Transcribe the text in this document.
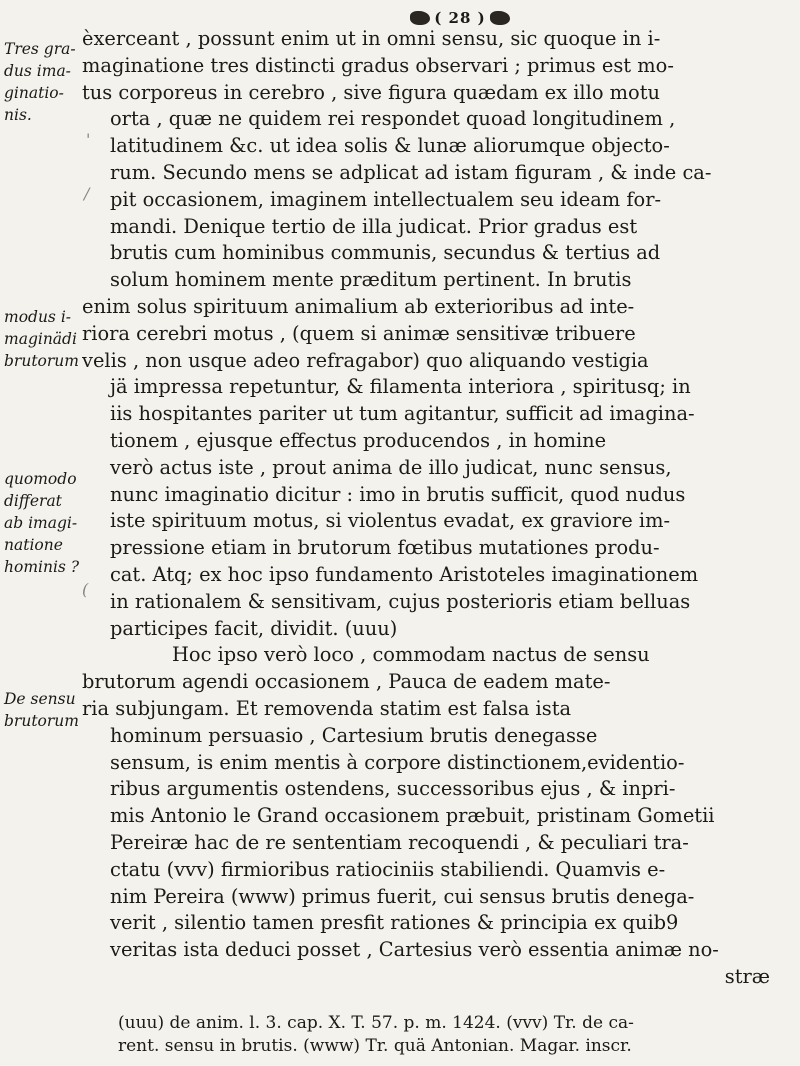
( 28 )
Tres gra-
dus ima-
ginatio-
nis.
modus i-
maginädi
brutorum
quomodo
differat
ab imagi-
natione
hominis ?
De sensu
brutorum
èxerceant , possunt enim ut in omni sensu, sic quoque in i-
maginatione tres distincti gradus observari ; primus est mo-
tus corporeus in cerebro , sive figura quædam ex illo motu
orta , quæ ne quidem rei respondet quoad longitudinem ,
latitudinem &c. ut idea solis & lunæ aliorumque objecto-
rum. Secundo mens se adplicat ad istam figuram , & inde ca-
pit occasionem, imaginem intellectualem seu ideam for-
mandi. Denique tertio de illa judicat. Prior gradus est
brutis cum hominibus communis, secundus & tertius ad
solum hominem mente præditum pertinent. In brutis
enim solus spirituum animalium ab exterioribus ad inte-
riora cerebri motus , (quem si animæ sensitivæ tribuere
velis , non usque adeo refragabor) quo aliquando vestigia
jä impressa repetuntur, & filamenta interiora , spiritusq; in
iis hospitantes pariter ut tum agitantur, sufficit ad imagina-
tionem , ejusque effectus producendos , in homine
verò actus iste , prout anima de illo judicat, nunc sensus,
nunc imaginatio dicitur : imo in brutis sufficit, quod nudus
iste spirituum motus, si violentus evadat, ex graviore im-
pressione etiam in brutorum fœtibus mutationes produ-
cat. Atq; ex hoc ipso fundamento Aristoteles imaginationem
in rationalem & sensitivam, cujus posterioris etiam belluas
participes facit, dividit. (uuu)
Hoc ipso verò loco , commodam nactus de sensu
brutorum agendi occasionem , Pauca de eadem mate-
ria subjungam. Et removenda statim est falsa ista
hominum persuasio , Cartesium brutis denegasse
sensum, is enim mentis à corpore distinctionem,evidentio-
ribus argumentis ostendens, successoribus ejus , & inpri-
mis Antonio le Grand occasionem præbuit, pristinam Gometii
Pereiræ hac de re sententiam recoquendi , & peculiari tra-
ctatu (vvv) firmioribus ratiociniis stabiliendi. Quamvis e-
nim Pereira (www) primus fuerit, cui sensus brutis denega-
verit , silentio tamen presfit rationes & principia ex quib9
veritas ista deduci posset , Cartesius verò essentia animæ no-
stræ
(uuu) de anim. l. 3. cap. X. T. 57. p. m. 1424. (vvv) Tr. de ca-
rent. sensu in brutis. (www) Tr. quä Antonian. Magar. inscr.
'
/
(
